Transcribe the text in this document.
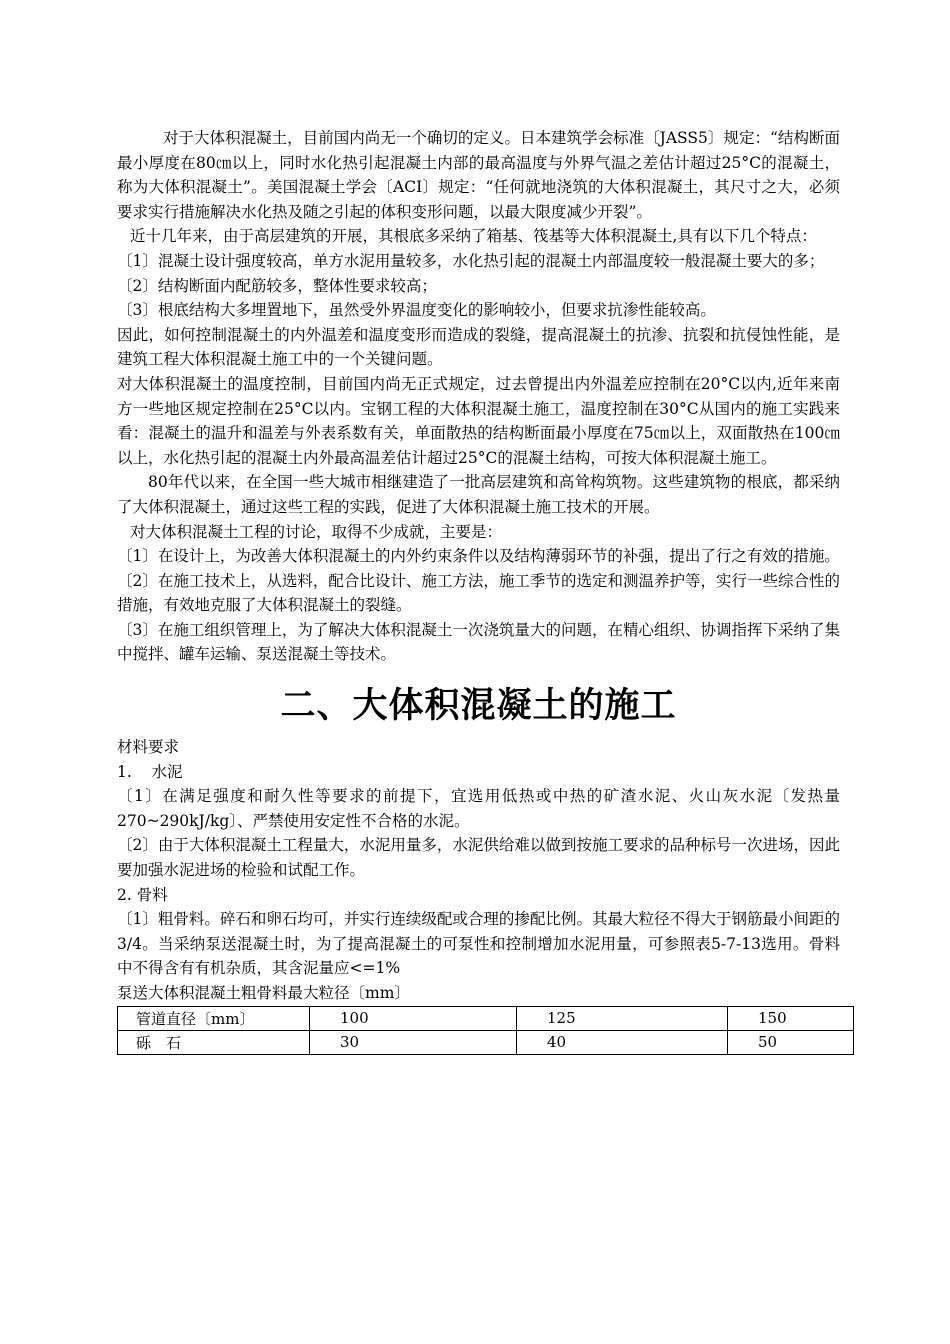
对于大体积混凝土，目前国内尚无一个确切的定义。日本建筑学会标准〔JASS5〕规定：“结构断面最小厚度在80㎝以上，同时水化热引起混凝土内部的最高温度与外界气温之差估计超过25°C的混凝土，称为大体积混凝土”。美国混凝土学会〔ACI〕规定：“任何就地浇筑的大体积混凝土，其尺寸之大，必须要求实行措施解决水化热及随之引起的体积变形问题，以最大限度减少开裂”。

近十几年来，由于高层建筑的开展，其根底多采纳了箱基、筏基等大体积混凝土,具有以下几个特点：

〔1〕混凝土设计强度较高，单方水泥用量较多，水化热引起的混凝土内部温度较一般混凝土要大的多；

〔2〕结构断面内配筋较多，整体性要求较高；

〔3〕根底结构大多埋置地下，虽然受外界温度变化的影响较小，但要求抗渗性能较高。

因此，如何控制混凝土的内外温差和温度变形而造成的裂缝，提高混凝土的抗渗、抗裂和抗侵蚀性能，是建筑工程大体积混凝土施工中的一个关键问题。

对大体积混凝土的温度控制，目前国内尚无正式规定，过去曾提出内外温差应控制在20°C以内,近年来南方一些地区规定控制在25°C以内。宝钢工程的大体积混凝土施工，温度控制在30°C从国内的施工实践来看：混凝土的温升和温差与外表系数有关，单面散热的结构断面最小厚度在75㎝以上，双面散热在100㎝以上，水化热引起的混凝土内外最高温差估计超过25°C的混凝土结构，可按大体积混凝土施工。

80年代以来，在全国一些大城市相继建造了一批高层建筑和高耸构筑物。这些建筑物的根底，都采纳了大体积混凝土，通过这些工程的实践，促进了大体积混凝土施工技术的开展。

对大体积混凝土工程的讨论，取得不少成就，主要是：

〔1〕在设计上，为改善大体积混凝土的内外约束条件以及结构薄弱环节的补强，提出了行之有效的措施。

〔2〕在施工技术上，从选料，配合比设计、施工方法，施工季节的选定和测温养护等，实行一些综合性的措施，有效地克服了大体积混凝土的裂缝。

〔3〕在施工组织管理上，为了解决大体积混凝土一次浇筑量大的问题，在精心组织、协调指挥下采纳了集中搅拌、罐车运输、泵送混凝土等技术。

二、大体积混凝土的施工

材料要求

1.    水泥

〔1〕在满足强度和耐久性等要求的前提下，宜选用低热或中热的矿渣水泥、火山灰水泥〔发热量270~290kJ/kg〕、严禁使用安定性不合格的水泥。

〔2〕由于大体积混凝土工程量大，水泥用量多，水泥供给难以做到按施工要求的品种标号一次进场，因此要加强水泥进场的检验和试配工作。

2. 骨料

〔1〕粗骨料。碎石和卵石均可，并实行连续级配或合理的掺配比例。其最大粒径不得大于钢筋最小间距的3/4。当采纳泵送混凝土时，为了提高混凝土的可泵性和控制增加水泥用量，可参照表5-7-13选用。骨料中不得含有有机杂质，其含泥量应<=1%

泵送大体积混凝土粗骨料最大粒径〔mm〕

管道直径〔mm〕	100	125	150
砾　石	30	40	50
